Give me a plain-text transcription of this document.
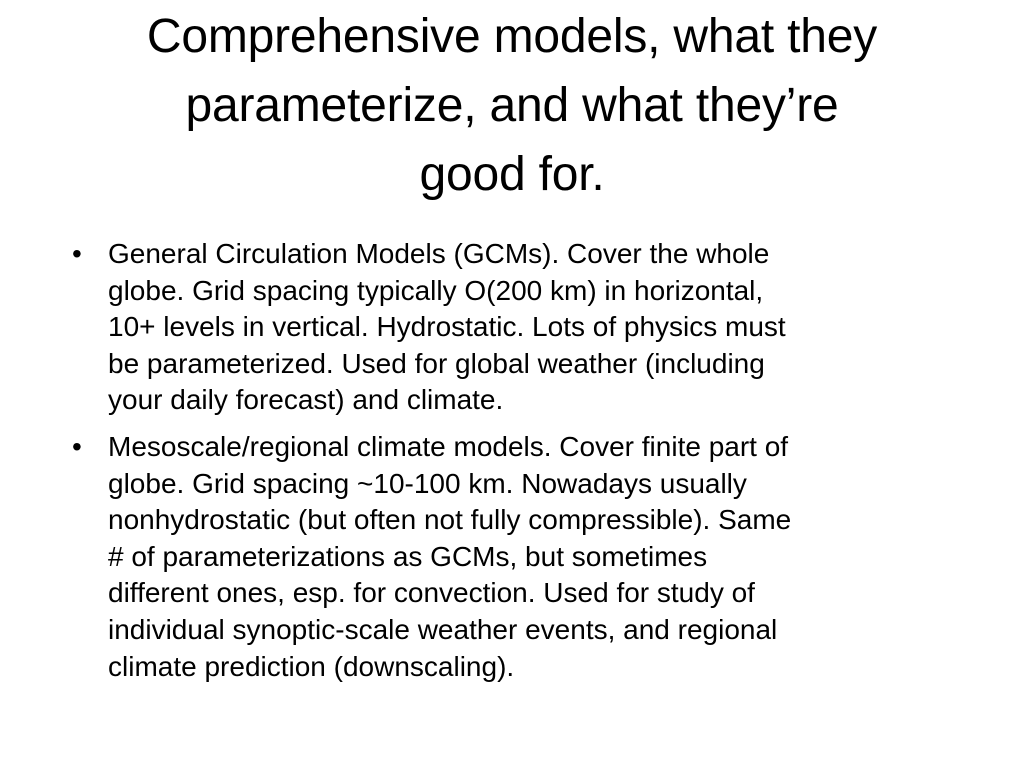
Comprehensive models, what they
parameterize, and what they’re
good for.
• General Circulation Models (GCMs). Cover the whole
globe. Grid spacing typically O(200 km) in horizontal,
10+ levels in vertical. Hydrostatic. Lots of physics must
be parameterized. Used for global weather (including
your daily forecast) and climate.
• Mesoscale/regional climate models. Cover finite part of
globe. Grid spacing ~10-100 km. Nowadays usually
nonhydrostatic (but often not fully compressible). Same
# of parameterizations as GCMs, but sometimes
different ones, esp. for convection. Used for study of
individual synoptic-scale weather events, and regional
climate prediction (downscaling).
